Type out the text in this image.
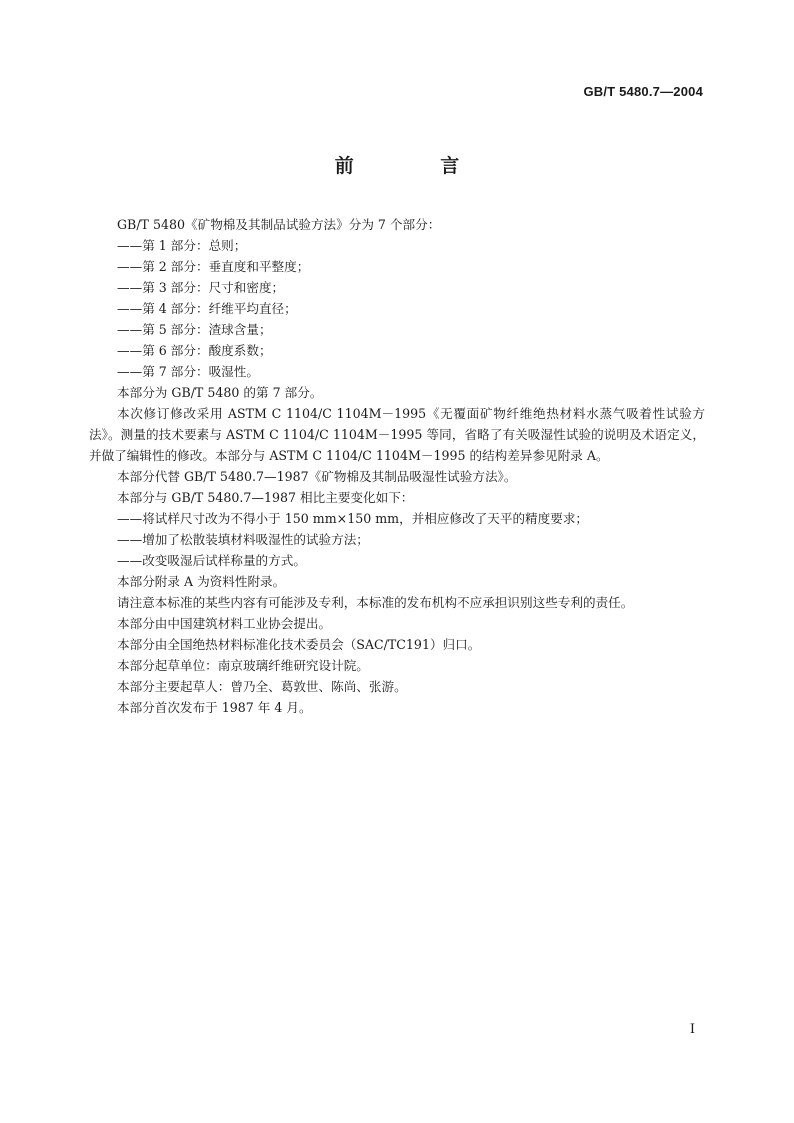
GB/T 5480.7—2004
前 言

GB/T 5480《矿物棉及其制品试验方法》分为 7 个部分：

——第 1 部分：总则；

——第 2 部分：垂直度和平整度；

——第 3 部分：尺寸和密度；

——第 4 部分：纤维平均直径；

——第 5 部分：渣球含量；

——第 6 部分：酸度系数；

——第 7 部分：吸湿性。

本部分为 GB/T 5480 的第 7 部分。

本次修订修改采用 ASTM C 1104/C 1104M－1995《无覆面矿物纤维绝热材料水蒸气吸着性试验方法》。测量的技术要素与 ASTM C 1104/C 1104M－1995 等同，省略了有关吸湿性试验的说明及术语定义，并做了编辑性的修改。本部分与 ASTM C 1104/C 1104M－1995 的结构差异参见附录 A。

本部分代替 GB/T 5480.7—1987《矿物棉及其制品吸湿性试验方法》。

本部分与 GB/T 5480.7—1987 相比主要变化如下：

——将试样尺寸改为不得小于 150 mm×150 mm，并相应修改了天平的精度要求；

——增加了松散装填材料吸湿性的试验方法；

——改变吸湿后试样称量的方式。

本部分附录 A 为资料性附录。

请注意本标准的某些内容有可能涉及专利，本标准的发布机构不应承担识别这些专利的责任。

本部分由中国建筑材料工业协会提出。

本部分由全国绝热材料标准化技术委员会（SAC/TC191）归口。

本部分起草单位：南京玻璃纤维研究设计院。

本部分主要起草人：曾乃全、葛敦世、陈尚、张游。

本部分首次发布于 1987 年 4 月。

I
